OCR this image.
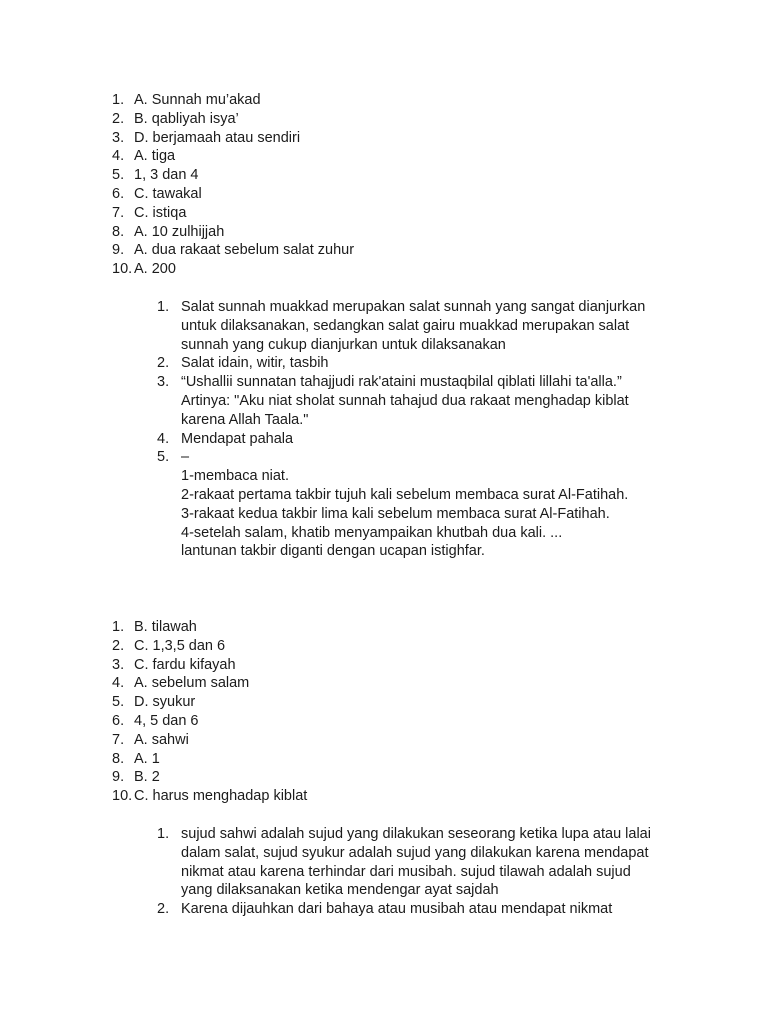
1. A. Sunnah mu’akad
2. B. qabliyah isya’
3. D. berjamaah atau sendiri
4. A. tiga
5. 1, 3 dan 4
6. C. tawakal
7. C. istiqa
8. A. 10 zulhijjah
9. A. dua rakaat sebelum salat zuhur
10. A. 200
1. Salat sunnah muakkad merupakan salat sunnah yang sangat dianjurkan untuk dilaksanakan, sedangkan salat gairu muakkad merupakan salat sunnah yang cukup dianjurkan untuk dilaksanakan
2. Salat idain, witir, tasbih
3. “Ushallii sunnatan tahajjudi rak'ataini mustaqbilal qiblati lillahi ta'alla.” Artinya: "Aku niat sholat sunnah tahajud dua rakaat menghadap kiblat karena Allah Taala."
4. Mendapat pahala
5. –
1-membaca niat.
2-rakaat pertama takbir tujuh kali sebelum membaca surat Al-Fatihah.
3-rakaat kedua takbir lima kali sebelum membaca surat Al-Fatihah.
4-setelah salam, khatib menyampaikan khutbah dua kali. ...
lantunan takbir diganti dengan ucapan istighfar.
1. B. tilawah
2. C. 1,3,5 dan 6
3. C. fardu kifayah
4. A. sebelum salam
5. D. syukur
6. 4, 5 dan 6
7. A. sahwi
8. A. 1
9. B. 2
10. C. harus menghadap kiblat
1. sujud sahwi adalah sujud yang dilakukan seseorang ketika lupa atau lalai dalam salat, sujud syukur adalah sujud yang dilakukan karena mendapat nikmat atau karena terhindar dari musibah. sujud tilawah adalah sujud yang dilaksanakan ketika mendengar ayat sajdah
2. Karena dijauhkan dari bahaya atau musibah atau mendapat nikmat
